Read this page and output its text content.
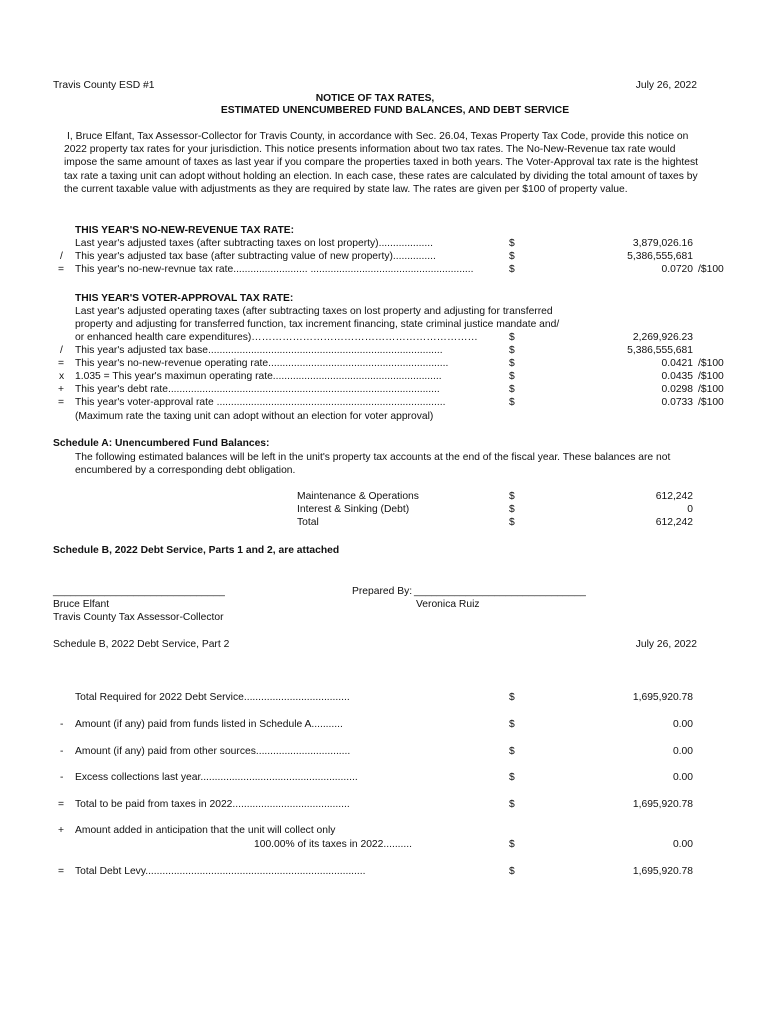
Travis County ESD #1	July 26, 2022
NOTICE OF TAX RATES,
ESTIMATED UNENCUMBERED FUND BALANCES, AND DEBT SERVICE
I, Bruce Elfant, Tax Assessor-Collector for Travis County, in accordance with Sec. 26.04, Texas Property Tax Code, provide this notice on 2022 property tax rates for your jurisdiction. This notice presents information about two tax rates. The No-New-Revenue tax rate would impose the same amount of taxes as last year if you compare the properties taxed in both years. The Voter-Approval tax rate is the hightest tax rate a taxing unit can adopt without holding an election. In each case, these rates are calculated by dividing the total amount of taxes by the current taxable value with adjustments as they are required by state law. The rates are given per $100 of property value.
THIS YEAR'S NO-NEW-REVENUE TAX RATE:
Last year's adjusted taxes (after subtracting taxes on lost property)...................	$	3,879,026.16
/ This year's adjusted tax base (after subtracting value of new property)...............	$	5,386,555,681
= This year's no-new-revnue tax rate.......................... .........................................................	$	0.0720 /$100
THIS YEAR'S VOTER-APPROVAL TAX RATE:
Last year's adjusted operating taxes (after subtracting taxes on lost property and adjusting for transferred
property and adjusting for transferred function, tax increment financing, state criminal justice mandate and/
or enhanced health care expenditures)…………………………………………………………	$	2,269,926.23
/ This year's adjusted tax base..................................................................................	$	5,386,555,681
= This year's no-new-revenue operating rate...............................................................	$	0.0421 /$100
x 1.035 = This year's maximun operating rate...........................................................	$	0.0435 /$100
+ This year's debt rate...............................................................................................	$	0.0298 /$100
= This year's voter-approval rate ................................................................................	$	0.0733 /$100
(Maximum rate the taxing unit can adopt without an election for voter approval)
Schedule A: Unencumbered Fund Balances:
The following estimated balances will be left in the unit's property tax accounts at the end of the fiscal year. These balances are not encumbered by a corresponding debt obligation.
Maintenance & Operations	$	612,242
Interest & Sinking (Debt)	$	0
Total	$	612,242
Schedule B, 2022 Debt Service, Parts 1 and 2, are attached
______________________________
Bruce Elfant
Travis County Tax Assessor-Collector
Prepared By: ______________________________
Veronica Ruiz
Schedule B, 2022 Debt Service, Part 2	July 26, 2022
Total Required for 2022 Debt Service.....................................	$	1,695,920.78
- Amount (if any) paid from funds listed in Schedule A...........	$	0.00
- Amount (if any) paid from other sources.................................	$	0.00
- Excess collections last year.......................................................	$	0.00
= Total to be paid from taxes in 2022.........................................	$	1,695,920.78
+ Amount added in anticipation that the unit will collect only
100.00% of its taxes in 2022..........	$	0.00
= Total Debt Levy.............................................................................	$	1,695,920.78
